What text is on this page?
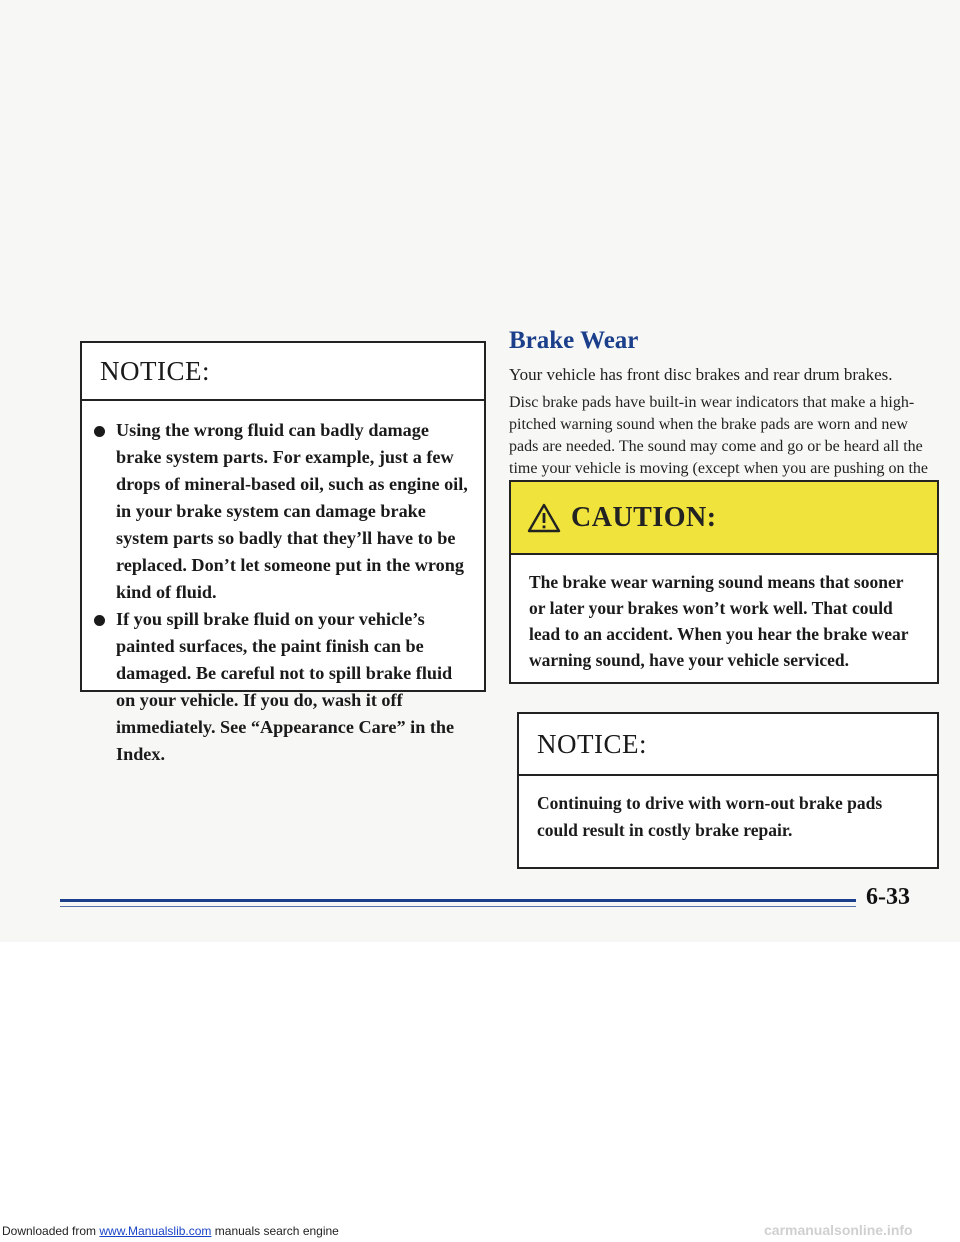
NOTICE:
Using the wrong fluid can badly damage brake system parts. For example, just a few drops of mineral-based oil, such as engine oil, in your brake system can damage brake system parts so badly that they’ll have to be replaced. Don’t let someone put in the wrong kind of fluid.
If you spill brake fluid on your vehicle’s painted surfaces, the paint finish can be damaged. Be careful not to spill brake fluid on your vehicle. If you do, wash it off immediately. See “Appearance Care” in the Index.
Brake Wear

Your vehicle has front disc brakes and rear drum brakes.

Disc brake pads have built-in wear indicators that make a high-pitched warning sound when the brake pads are worn and new pads are needed. The sound may come and go or be heard all the time your vehicle is moving (except when you are pushing on the

CAUTION:

The brake wear warning sound means that sooner or later your brakes won’t work well. That could lead to an accident. When you hear the brake wear warning sound, have your vehicle serviced.

NOTICE:

Continuing to drive with worn-out brake pads could result in costly brake repair.

6-33
Downloaded from www.Manualslib.com manuals search engine	carmanualsonline.info
